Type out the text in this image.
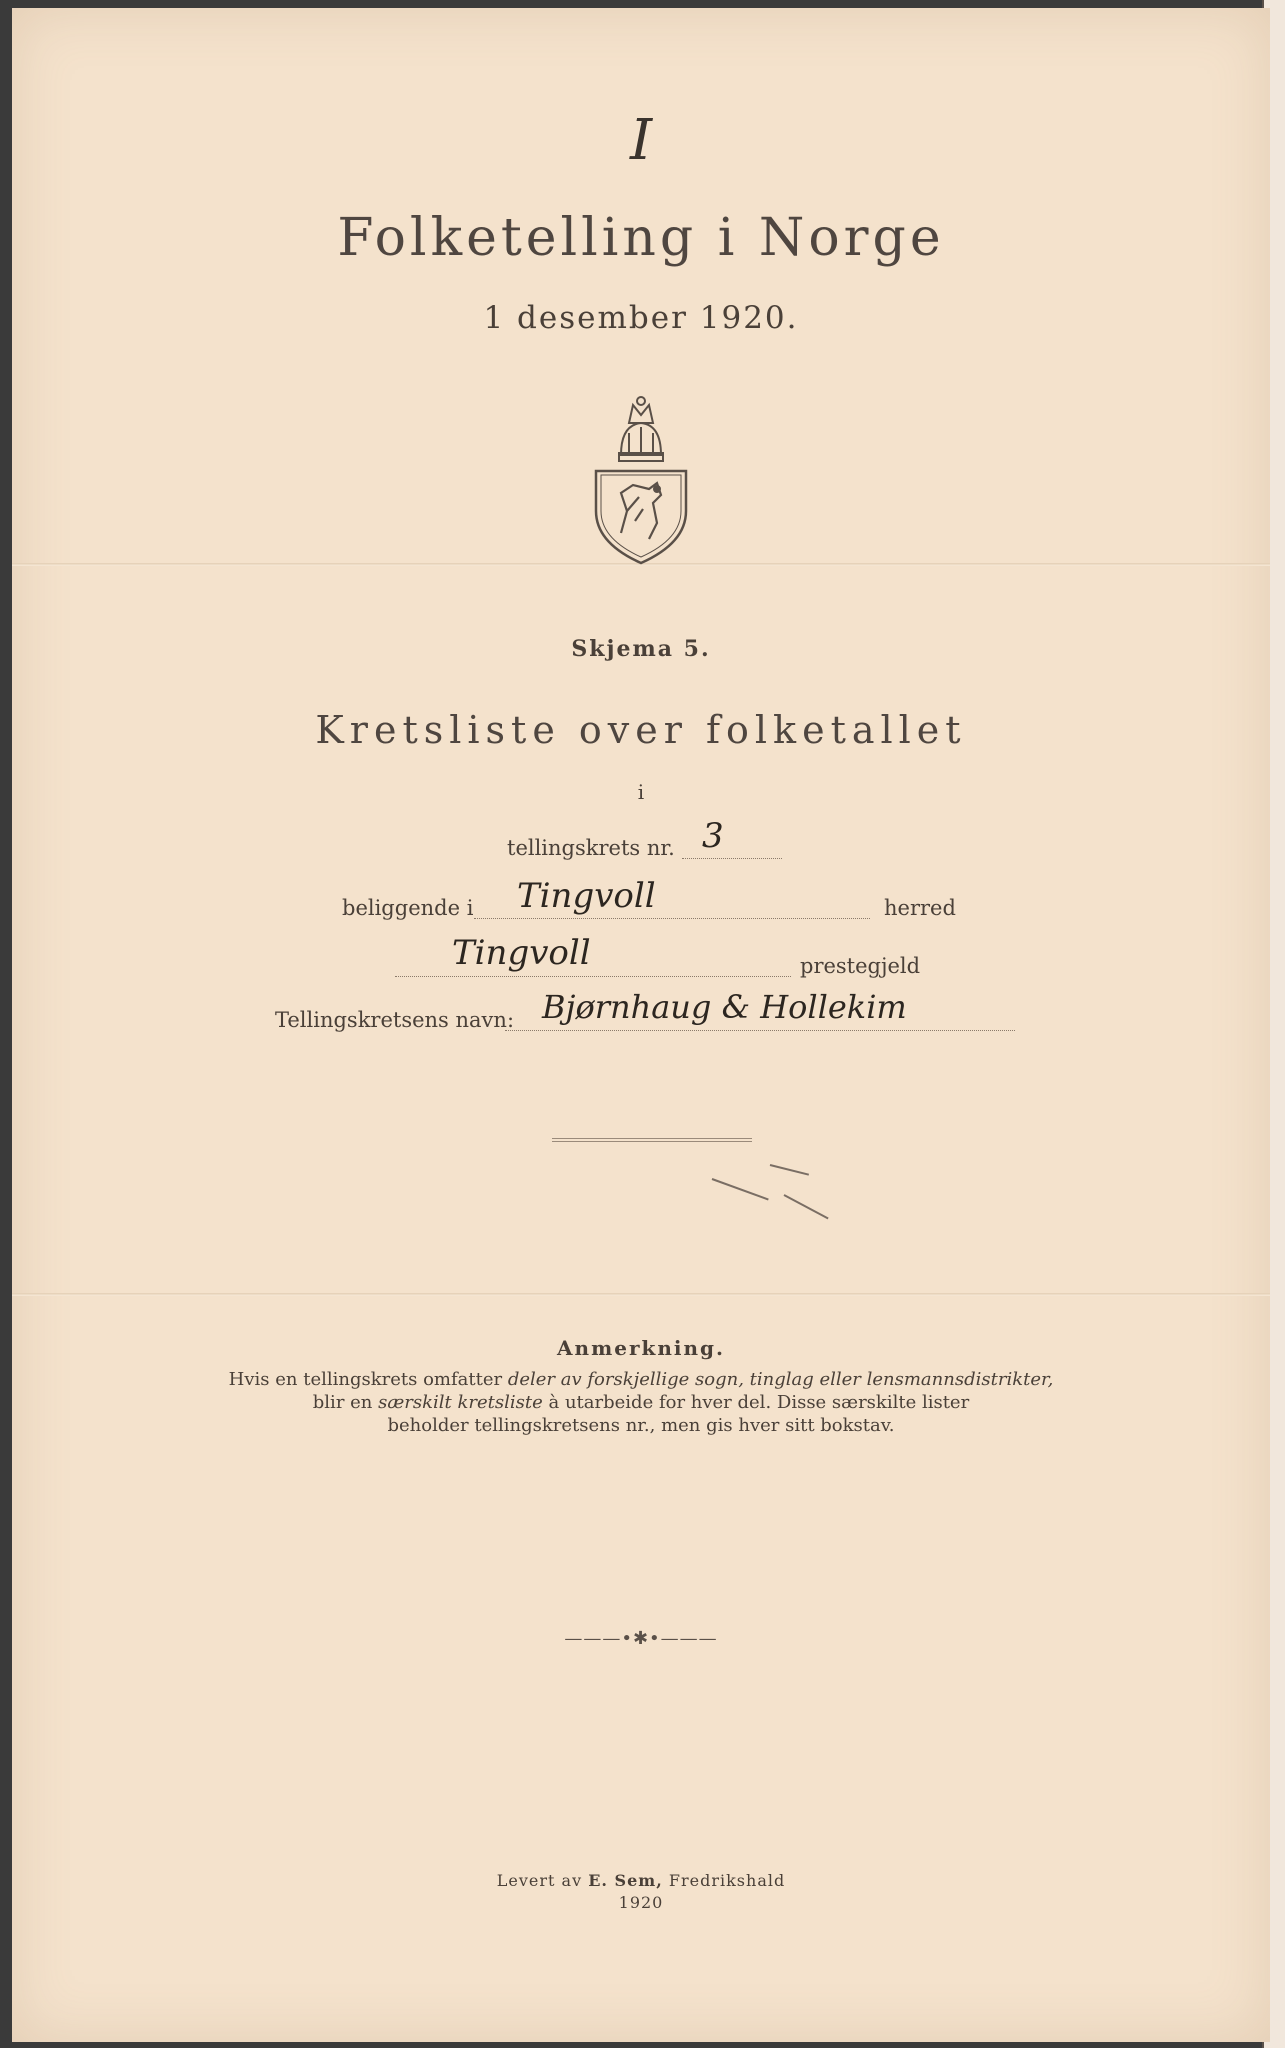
I
Folketelling i Norge
1 desember 1920.
Skjema 5.
Kretsliste over folketallet
i
tellingskrets nr. 3
beliggende i Tingvoll	herred
Tingvoll	prestegjeld
Tellingskretsens navn: Bjørnhaug & Hollekim
Anmerkning.
Hvis en tellingskrets omfatter deler av forskjellige sogn, tinglag eller lensmannsdistrikter,
blir en særskilt kretsliste à utarbeide for hver del. Disse særskilte lister
beholder tellingskretsens nr., men gis hver sitt bokstav.
———•✱•———
Levert av E. Sem, Fredrikshald
1920
